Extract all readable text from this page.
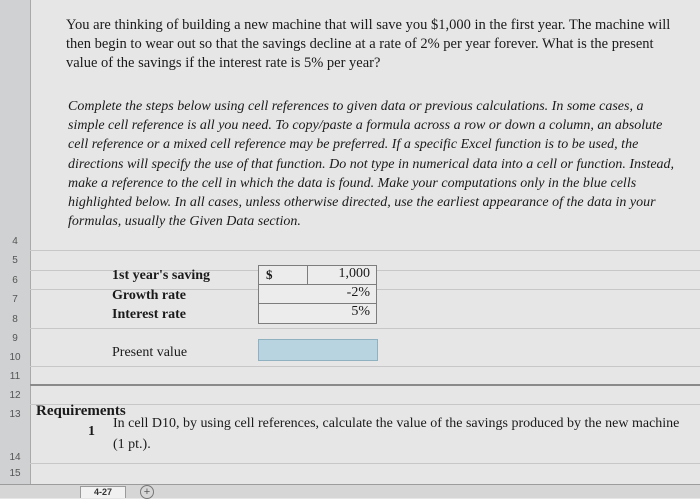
4
5
6
7
8
9
10
11
12
13
14
15
You are thinking of building a new machine that will save you $1,000 in the first year. The machine will then begin to wear out so that the savings decline at a rate of 2% per year forever. What is the present value of the savings if the interest rate is 5% per year?
Complete the steps below using cell references to given data or previous calculations. In some cases, a simple cell reference is all you need. To copy/paste a formula across a row or down a column, an absolute cell reference or a mixed cell reference may be preferred. If a specific Excel function is to be used, the directions will specify the use of that function. Do not type in numerical data into a cell or function. Instead, make a reference to the cell in which the data is found. Make your computations only in the blue cells highlighted below. In all cases, unless otherwise directed, use the earliest appearance of the data in your formulas, usually the Given Data section.
1st year's saving
Growth rate
Interest rate
$	1,000
-2%
5%
Present value
Requirements
1
In cell D10, by using cell references, calculate the value of the savings produced by the new machine (1 pt.).
4-27	+
